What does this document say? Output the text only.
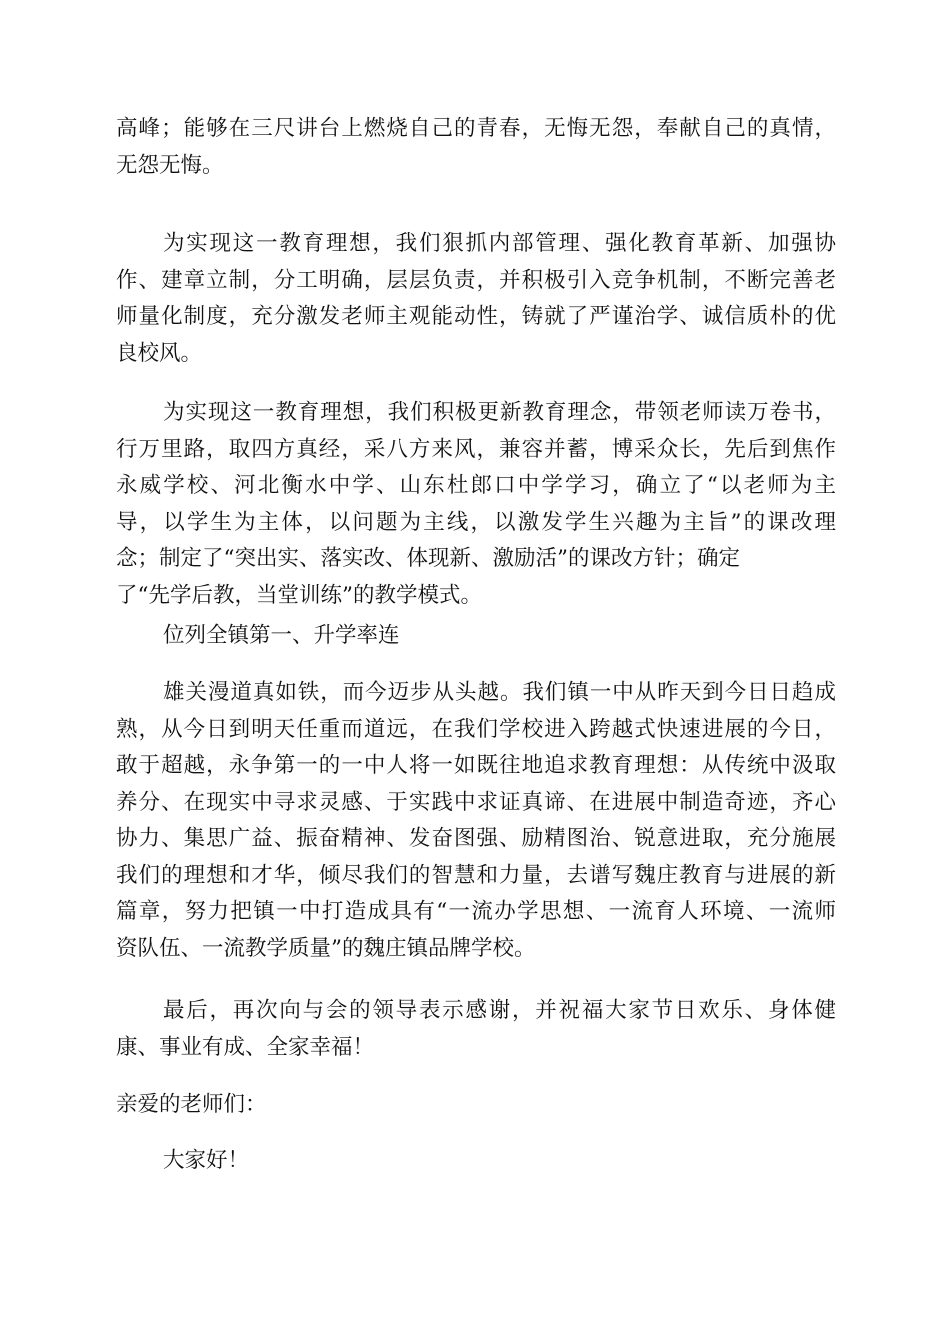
高峰；能够在三尺讲台上燃烧自己的青春，无悔无怨，奉献自己的真情，
无怨无悔。
为实现这一教育理想，我们狠抓内部管理、强化教育革新、加强协
作、建章立制，分工明确，层层负责，并积极引入竞争机制，不断完善老
师量化制度，充分激发老师主观能动性，铸就了严谨治学、诚信质朴的优
良校风。
为实现这一教育理想，我们积极更新教育理念，带领老师读万卷书，
行万里路，取四方真经，采八方来风，兼容并蓄，博采众长，先后到焦作
永威学校、河北衡水中学、山东杜郎口中学学习，确立了“以老师为主
导，以学生为主体，以问题为主线，以激发学生兴趣为主旨”的课改理
念；制定了“突出实、落实改、体现新、激励活”的课改方针；确定
了“先学后教，当堂训练”的教学模式。
位列全镇第一、升学率连
雄关漫道真如铁，而今迈步从头越。我们镇一中从昨天到今日日趋成
熟，从今日到明天任重而道远，在我们学校进入跨越式快速进展的今日，
敢于超越，永争第一的一中人将一如既往地追求教育理想：从传统中汲取
养分、在现实中寻求灵感、于实践中求证真谛、在进展中制造奇迹，齐心
协力、集思广益、振奋精神、发奋图强、励精图治、锐意进取，充分施展
我们的理想和才华，倾尽我们的智慧和力量，去谱写魏庄教育与进展的新
篇章，努力把镇一中打造成具有“一流办学思想、一流育人环境、一流师
资队伍、一流教学质量”的魏庄镇品牌学校。
最后，再次向与会的领导表示感谢，并祝福大家节日欢乐、身体健
康、事业有成、全家幸福！
亲爱的老师们：
大家好！
